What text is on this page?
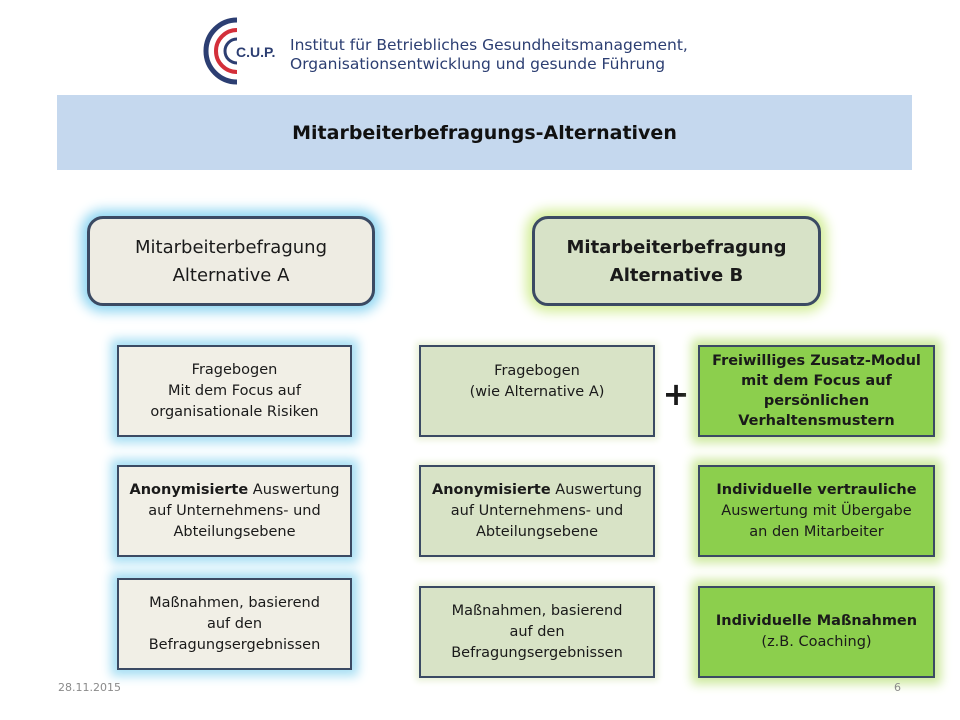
C.U.P. Institut für Betriebliches Gesundheitsmanagement,
Organisationsentwicklung und gesunde Führung
Mitarbeiterbefragungs-Alternativen
Mitarbeiterbefragung
Alternative A
Mitarbeiterbefragung
Alternative B
Fragebogen
Mit dem Focus auf
organisationale Risiken
Anonymisierte Auswertung
auf Unternehmens- und
Abteilungsebene
Maßnahmen, basierend
auf den
Befragungsergebnissen
Fragebogen
(wie Alternative A)
Anonymisierte Auswertung
auf Unternehmens- und
Abteilungsebene
Maßnahmen, basierend
auf den
Befragungsergebnissen
+
Freiwilliges Zusatz-Modul
mit dem Focus auf
persönlichen
Verhaltensmustern
Individuelle vertrauliche
Auswertung mit Übergabe
an den Mitarbeiter
Individuelle Maßnahmen
(z.B. Coaching)
28.11.2015	6
